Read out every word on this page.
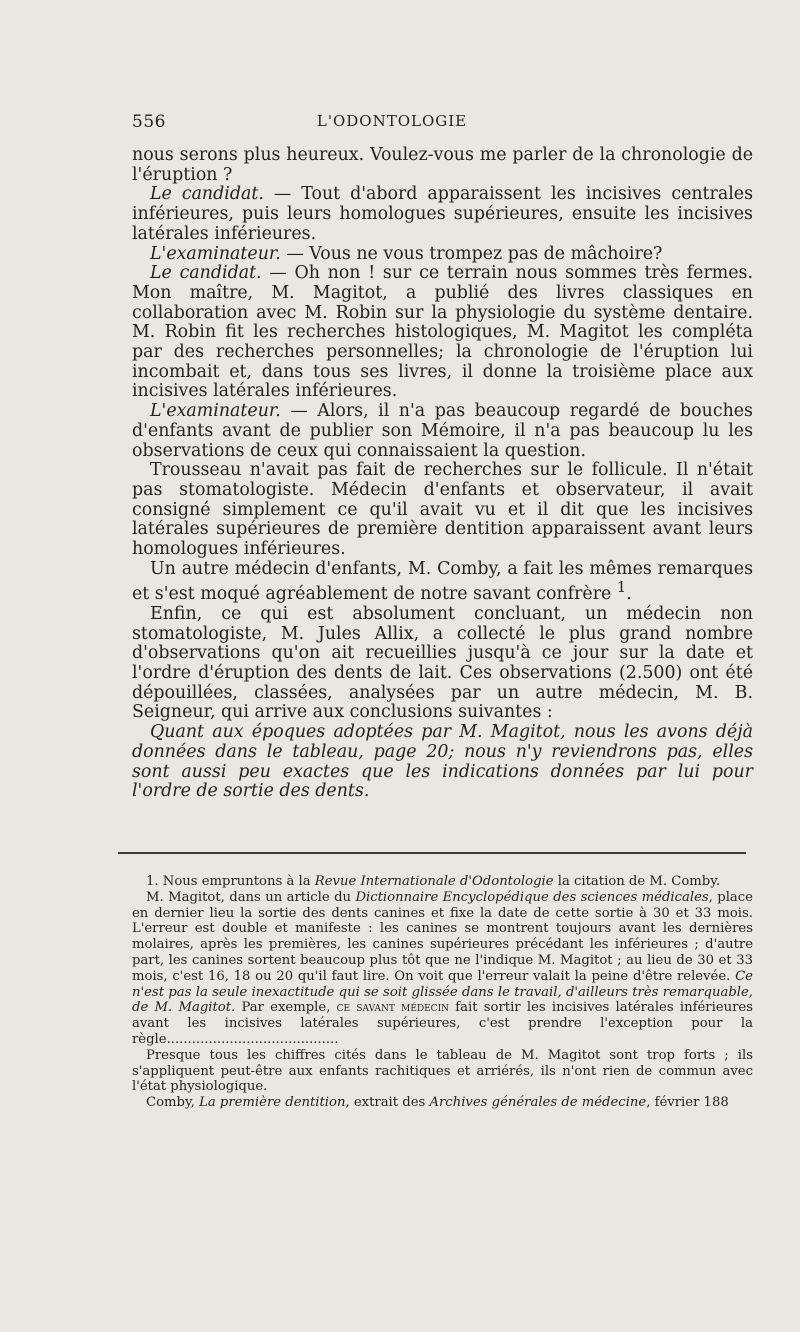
556	L'ODONTOLOGIE

nous serons plus heureux. Voulez-vous me parler de la chronologie de l'éruption ?

Le candidat. — Tout d'abord apparaissent les incisives centrales inférieures, puis leurs homologues supérieures, ensuite les incisives latérales inférieures.

L'examinateur. — Vous ne vous trompez pas de mâchoire?

Le candidat. — Oh non ! sur ce terrain nous sommes très fermes. Mon maître, M. Magitot, a publié des livres classiques en collaboration avec M. Robin sur la physiologie du système dentaire. M. Robin fit les recherches histologiques, M. Magitot les compléta par des recherches personnelles; la chronologie de l'éruption lui incombait et, dans tous ses livres, il donne la troisième place aux incisives latérales inférieures.

L'examinateur. — Alors, il n'a pas beaucoup regardé de bouches d'enfants avant de publier son Mémoire, il n'a pas beaucoup lu les observations de ceux qui connaissaient la question.

Trousseau n'avait pas fait de recherches sur le follicule. Il n'était pas stomatologiste. Médecin d'enfants et observateur, il avait consigné simplement ce qu'il avait vu et il dit que les incisives latérales supérieures de première dentition apparaissent avant leurs homologues inférieures.

Un autre médecin d'enfants, M. Comby, a fait les mêmes remarques et s'est moqué agréablement de notre savant confrère $^1$.

Enfin, ce qui est absolument concluant, un médecin non stomatologiste, M. Jules Allix, a collecté le plus grand nombre d'observations qu'on ait recueillies jusqu'à ce jour sur la date et l'ordre d'éruption des dents de lait. Ces observations (2.500) ont été dépouillées, classées, analysées par un autre médecin, M. B. Seigneur, qui arrive aux conclusions suivantes :

Quant aux époques adoptées par M. Magitot, nous les avons déjà données dans le tableau, page 20; nous n'y reviendrons pas, elles sont aussi peu exactes que les indications données par lui pour l'ordre de sortie des dents.

1. Nous empruntons à la Revue Internationale d'Odontologie la citation de M. Comby.

M. Magitot, dans un article du Dictionnaire Encyclopédique des sciences médicales, place en dernier lieu la sortie des dents canines et fixe la date de cette sortie à 30 et 33 mois. L'erreur est double et manifeste : les canines se montrent toujours avant les dernières molaires, après les premières, les canines supérieures précédant les inférieures ; d'autre part, les canines sortent beaucoup plus tôt que ne l'indique M. Magitot ; au lieu de 30 et 33 mois, c'est 16, 18 ou 20 qu'il faut lire. On voit que l'erreur valait la peine d'être relevée. Ce n'est pas la seule inexactitude qui se soit glissée dans le travail, d'ailleurs très remarquable, de M. Magitot. Par exemple, ce savant médecin fait sortir les incisives latérales inférieures avant les incisives latérales supérieures, c'est prendre l'exception pour la règle.........................................

Presque tous les chiffres cités dans le tableau de M. Magitot sont trop forts ; ils s'appliquent peut-être aux enfants rachitiques et arriérés, ils n'ont rien de commun avec l'état physiologique.

Comby, La première dentition, extrait des Archives générales de médecine, février 188
